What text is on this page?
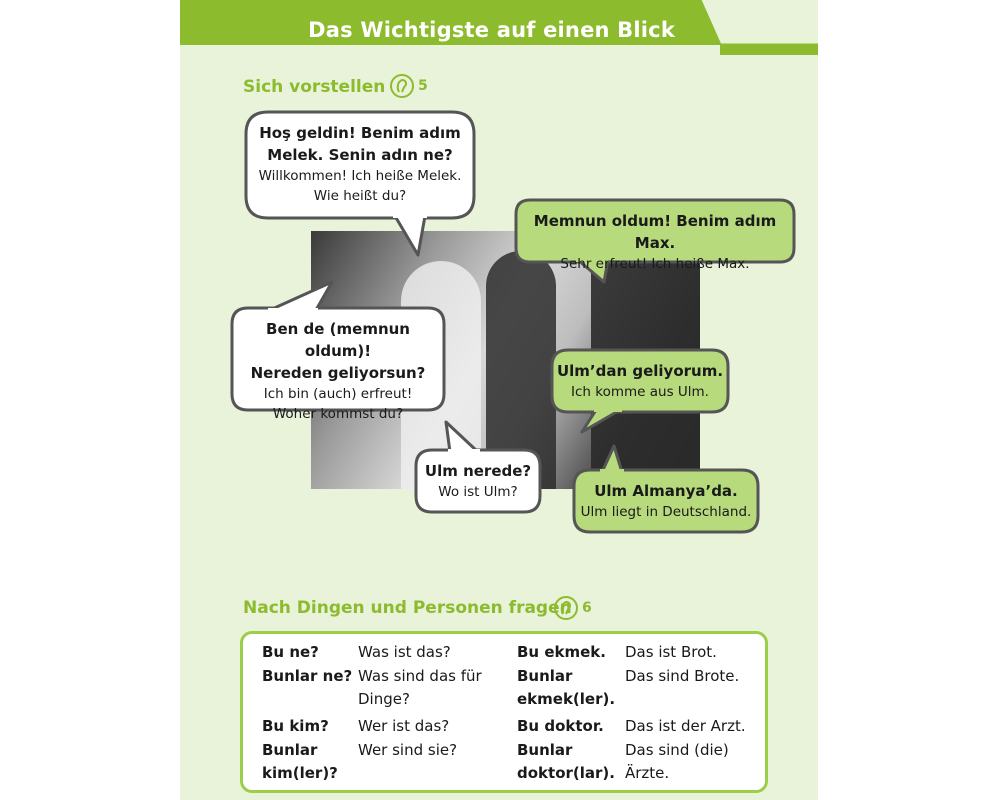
Das Wichtigste auf einen Blick
Sich vorstellen 5
Hoş geldin! Benim adım
Melek. Senin adın ne?
Willkommen! Ich heiße Melek.
Wie heißt du?
Memnun oldum! Benim adım Max.
Sehr erfreut! Ich heiße Max.
Ben de (memnun oldum)!
Nereden geliyorsun?
Ich bin (auch) erfreut!
Woher kommst du?
Ulm’dan geliyorum.
Ich komme aus Ulm.
Ulm nerede?
Wo ist Ulm?	Ulm Almanya’da.
Ulm liegt in Deutschland.
Nach Dingen und Personen fragen 6
Bu ne?	Was ist das?
Bunlar ne? Was sind das für
Dinge?
Bu kim? Wer ist das?
Bunlar
kim(ler)?
Wer sind sie?
Bu ekmek. Das ist Brot.
Bunlar
ekmek(ler).
Das sind Brote.
Bu doktor. Das ist der Arzt.
Bunlar
doktor(lar).
Das sind (die)
Ärzte.
